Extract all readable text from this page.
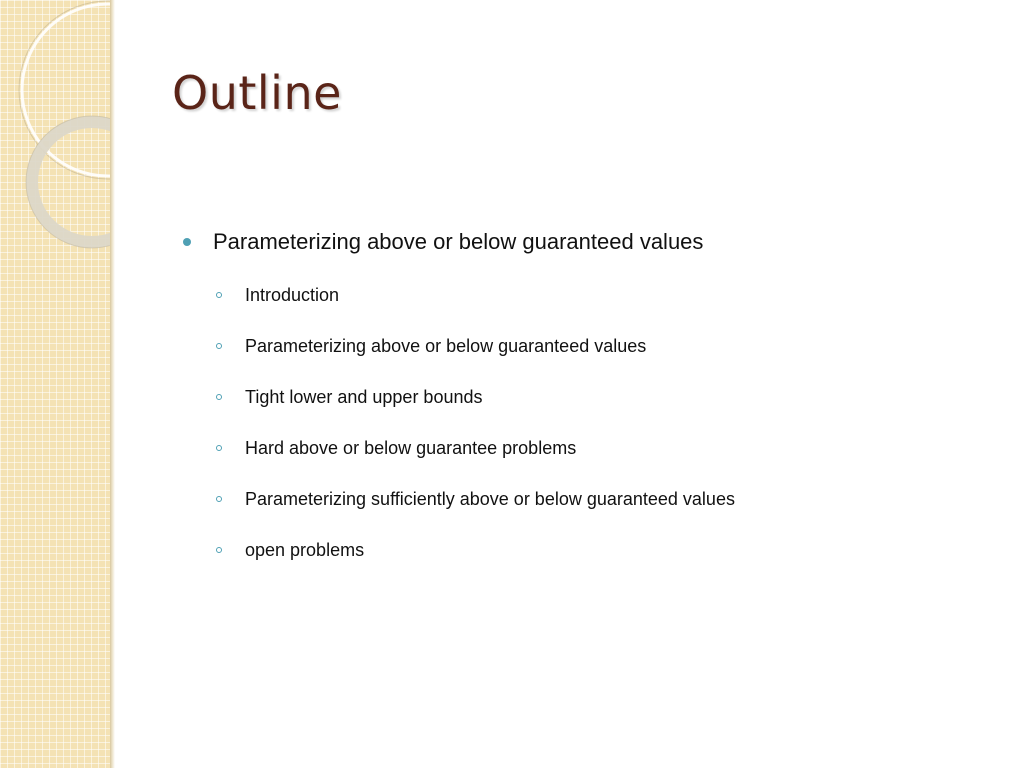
Outline
Parameterizing above or below guaranteed values
Introduction
Parameterizing above or below guaranteed values
Tight lower and upper bounds
Hard above or below guarantee problems
Parameterizing sufficiently above or below guaranteed values
open problems
